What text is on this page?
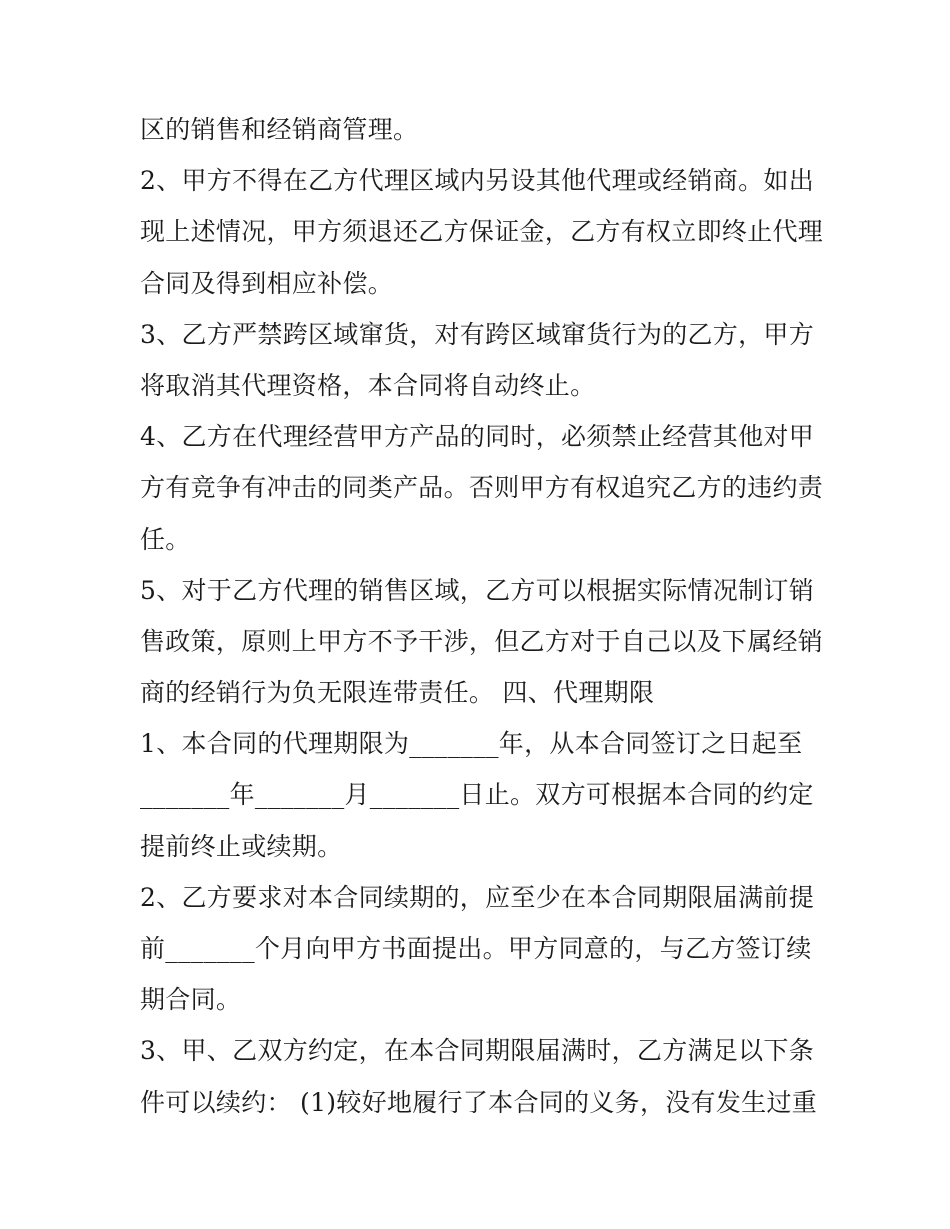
区的销售和经销商管理。
2、甲方不得在乙方代理区域内另设其他代理或经销商。如出
现上述情况，甲方须退还乙方保证金，乙方有权立即终止代理
合同及得到相应补偿。
3、乙方严禁跨区域窜货，对有跨区域窜货行为的乙方，甲方
将取消其代理资格，本合同将自动终止。
4、乙方在代理经营甲方产品的同时，必须禁止经营其他对甲
方有竞争有冲击的同类产品。否则甲方有权追究乙方的违约责
任。
5、对于乙方代理的销售区域，乙方可以根据实际情况制订销
售政策，原则上甲方不予干涉，但乙方对于自己以及下属经销
商的经销行为负无限连带责任。 四、代理期限
1、本合同的代理期限为_______年，从本合同签订之日起至
_______年_______月_______日止。双方可根据本合同的约定
提前终止或续期。
2、乙方要求对本合同续期的，应至少在本合同期限届满前提
前_______个月向甲方书面提出。甲方同意的，与乙方签订续
期合同。
3、甲、乙双方约定，在本合同期限届满时，乙方满足以下条
件可以续约： (1)较好地履行了本合同的义务，没有发生过重
